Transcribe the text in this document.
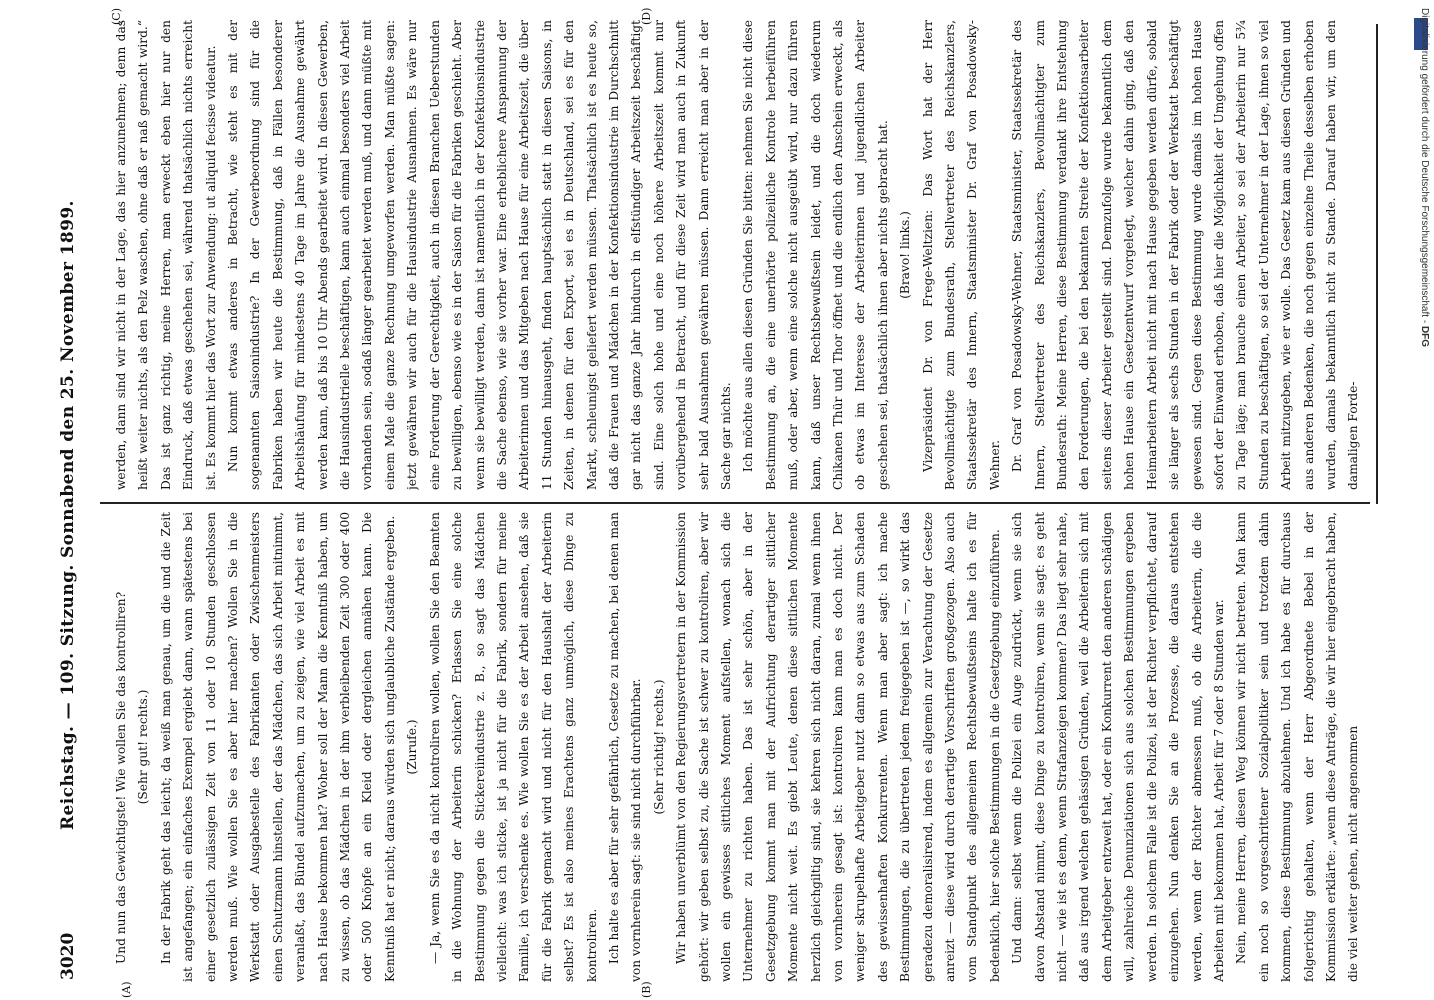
3020
Reichstag. — 109. Sitzung. Sonnabend den 25. November 1899.
(A)	(B)
(C)	(D)

Und nun das Gewichtigste! Wie wollen Sie das kontrolliren? (Sehr gut! rechts.) In der Fabrik geht das leicht; da weiß man genau, um die und die Zeit ist angefangen; ein einfaches Exempel ergiebt dann, wann spätestens bei einer gesetzlich zulässigen Zeit von 11 oder 10 Stunden geschlossen werden muß. Wie wollen Sie es aber hier machen? Wollen Sie in die Werkstatt oder Ausgabestelle des Fabrikanten oder Zwischenmeisters einen Schutzmann hinstellen, der das Mädchen, das sich Arbeit mitnimmt, veranlaßt, das Bündel aufzumachen, um zu zeigen, wie viel Arbeit es mit nach Hause bekommen hat? Woher soll der Mann die Kenntniß haben, um zu wissen, ob das Mädchen in der ihm verbleibenden Zeit 300 oder 400 oder 500 Knöpfe an ein Kleid oder dergleichen annähen kann. Die Kenntniß hat er nicht; daraus würden sich unglaubliche Zustände ergeben. (Zurufe.) — Ja, wenn Sie es da nicht kontroliren wollen, wollen Sie den Beamten in die Wohnung der Arbeiterin schicken? Erlassen Sie eine solche Bestimmung gegen die Stickereiindustrie z. B., so sagt das Mädchen vielleicht: was ich sticke, ist ja nicht für die Fabrik, sondern für meine Familie, ich verschenke es. Wie wollen Sie es der Arbeit ansehen, daß sie für die Fabrik gemacht wird und nicht für den Haushalt der Arbeiterin selbst? Es ist also meines Erachtens ganz unmöglich, diese Dinge zu kontroliren. Ich halte es aber für sehr gefährlich, Gesetze zu machen, bei denen man von vornherein sagt: sie sind nicht durchführbar. (Sehr richtig! rechts.) Wir haben unverblümt von den Regierungsvertretern in der Kommission gehört: wir geben selbst zu, die Sache ist schwer zu kontroliren, aber wir wollen ein gewisses sittliches Moment aufstellen, wonach sich die Unternehmer zu richten haben. Das ist sehr schön, aber in der Gesetzgebung kommt man mit der Aufrichtung derartiger sittlicher Momente nicht weit. Es giebt Leute, denen diese sittlichen Momente herzlich gleichgiltig sind, sie kehren sich nicht daran, zumal wenn ihnen von vornherein gesagt ist: kontroliren kann man es doch nicht. Der weniger skrupelhafte Arbeitgeber nutzt dann so etwas aus zum Schaden des gewissenhaften Konkurrenten. Wenn man aber sagt: ich mache Bestimmungen, die zu übertreten jedem freigegeben ist —, so wirkt das geradezu demoralisirend, indem es allgemein zur Verachtung der Gesetze anreizt — diese wird durch derartige Vorschriften großgezogen. Also auch vom Standpunkt des allgemeinen Rechtsbewußtseins halte ich es für bedenklich, hier solche Bestimmungen in die Gesetzgebung einzuführen. Und dann: selbst wenn die Polizei ein Auge zudrückt, wenn sie sich davon Abstand nimmt, diese Dinge zu kontroliren, wenn sie sagt: es geht nicht — wie ist es denn, wenn Strafanzeigen kommen? Das liegt sehr nahe, daß aus irgend welchen gehässigen Gründen, weil die Arbeiterin sich mit dem Arbeitgeber entzweit hat, oder ein Konkurrent den anderen schädigen will, zahlreiche Denunziationen sich aus solchen Bestimmungen ergeben werden. In solchem Falle ist die Polizei, ist der Richter verpflichtet, darauf einzugehen. Nun denken Sie an die Prozesse, die daraus entstehen werden, wenn der Richter abmessen muß, ob die Arbeiterin, die die Arbeiten mit bekommen hat, Arbeit für 7 oder 8 Stunden war. Nein, meine Herren, diesen Weg können wir nicht betreten. Man kann ein noch so vorgeschrittener Sozialpolitiker sein und trotzdem dahin kommen, diese Bestimmung abzulehnen. Und ich habe es für durchaus folgerichtig gehalten, wenn der Herr Abgeordnete Bebel in der Kommission erklärte: „wenn diese Anträge, die wir hier eingebracht haben, die viel weiter gehen, nicht angenommen

werden, dann sind wir nicht in der Lage, das hier anzunehmen; denn das heißt weiter nichts, als den Pelz waschen, ohne daß er naß gemacht wird.“ Das ist ganz richtig, meine Herren, man erweckt eben hier nur den Eindruck, daß etwas geschehen sei, während thatsächlich nichts erreicht ist. Es kommt hier das Wort zur Anwendung: ut aliquid fecisse videatur. Nun kommt etwas anderes in Betracht, wie steht es mit der sogenannten Saisonindustrie? In der Gewerbeordnung sind für die Fabriken haben wir heute die Bestimmung, daß in Fällen besonderer Arbeitshäufung für mindestens 40 Tage im Jahre die Ausnahme gewährt werden kann, daß bis 10 Uhr Abends gearbeitet wird. In diesen Gewerben, die Hausindustrielle beschäftigen, kann auch einmal besonders viel Arbeit vorhanden sein, sodaß länger gearbeitet werden muß, und dann müßte mit einem Male die ganze Rechnung umgeworfen werden. Man müßte sagen: jetzt gewähren wir auch für die Hausindustrie Ausnahmen. Es wäre nur eine Forderung der Gerechtigkeit, auch in diesen Branchen Ueberstunden zu bewilligen, ebenso wie es in der Saison für die Fabriken geschieht. Aber wenn sie bewilligt werden, dann ist namentlich in der Konfektionsindustrie die Sache ebenso, wie sie vorher war. Eine erheblichere Anspannung der Arbeiterinnen und das Mitgeben nach Hause für eine Arbeitszeit, die über 11 Stunden hinausgeht, finden hauptsächlich statt in diesen Saisons, in Zeiten, in denen für den Export, sei es in Deutschland, sei es für den Markt, schleunigst geliefert werden müssen. Thatsächlich ist es heute so, daß die Frauen und Mädchen in der Konfektionsindustrie im Durchschnitt gar nicht das ganze Jahr hindurch in elfstündiger Arbeitszeit beschäftigt sind. Eine solch hohe und eine noch höhere Arbeitszeit kommt nur vorübergehend in Betracht, und für diese Zeit wird man auch in Zukunft sehr bald Ausnahmen gewähren müssen. Dann erreicht man aber in der Sache gar nichts. Ich möchte aus allen diesen Gründen Sie bitten: nehmen Sie nicht diese Bestimmung an, die eine unerhörte polizeiliche Kontrole herbeiführen muß, oder aber, wenn eine solche nicht ausgeübt wird, nur dazu führen kann, daß unser Rechtsbewußtsein leidet, und die doch wiederum Chikanen Thür und Thor öffnet und die endlich den Anschein erweckt, als ob etwas im Interesse der Arbeiterinnen und jugendlichen Arbeiter geschehen sei, thatsächlich ihnen aber nichts gebracht hat. (Bravo! links.) Vizepräsident Dr. von Frege-Weltzien: Das Wort hat der Herr Bevollmächtigte zum Bundesrath, Stellvertreter des Reichskanzlers, Staatssekretär des Innern, Staatsminister Dr. Graf von Posadowsky-Wehner. Dr. Graf von Posadowsky-Wehner, Staatsminister, Staatssekretär des Innern, Stellvertreter des Reichskanzlers, Bevollmächtigter zum Bundesrath: Meine Herren, diese Bestimmung verdankt ihre Entstehung den Forderungen, die bei den bekannten Streite der Konfektionsarbeiter seitens dieser Arbeiter gestellt sind. Demzufolge wurde bekanntlich dem hohen Hause ein Gesetzentwurf vorgelegt, welcher dahin ging, daß den Heimarbeitern Arbeit nicht mit nach Hause gegeben werden dürfe, sobald sie länger als sechs Stunden in der Fabrik oder der Werkstatt beschäftigt gewesen sind. Gegen diese Bestimmung wurde damals im hohen Hause sofort der Einwand erhoben, daß hier die Möglichkeit der Umgehung offen zu Tage läge; man brauche einen Arbeiter, so sei der Arbeiterin nur 5¾ Stunden zu beschäftigen, so sei der Unternehmer in der Lage, ihnen so viel Arbeit mitzugeben, wie er wolle. Das Gesetz kam aus diesen Gründen und aus anderen Bedenken, die noch gegen einzelne Theile desselben erhoben wurden, damals bekanntlich nicht zu Stande. Darauf haben wir, um den damaligen Forde-

Digitalisierung gefördert durch die Deutsche Forschungsgemeinschaft - DFG
